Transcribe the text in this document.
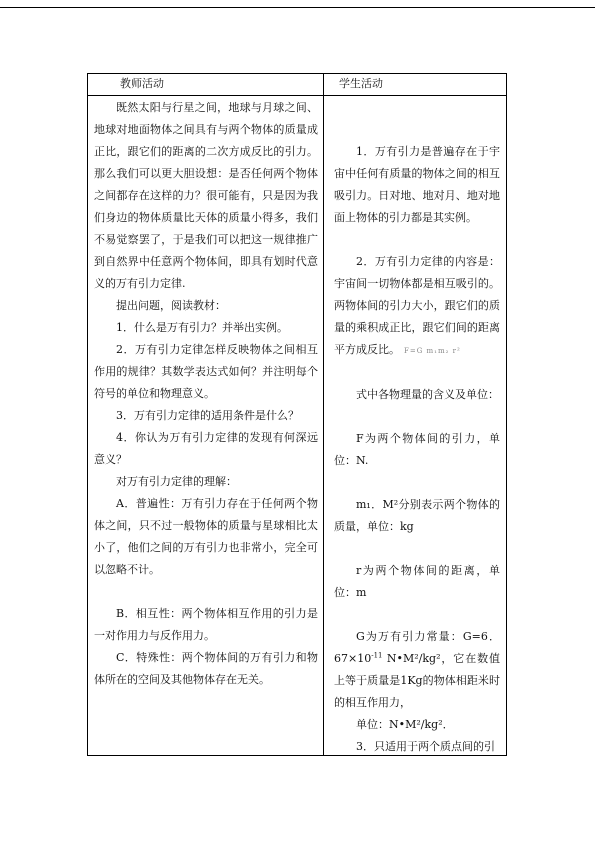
教师活动	学生活动

既然太阳与行星之间，地球与月球之间、地球对地面物体之间具有与两个物体的质量成正比，跟它们的距离的二次方成反比的引力。那么我们可以更大胆设想：是否任何两个物体之间都存在这样的力？很可能有，只是因为我们身边的物体质量比天体的质量小得多，我们不易觉察罢了，于是我们可以把这一规律推广到自然界中任意两个物体间，即具有划时代意义的万有引力定律.

提出问题，阅读教材：

1．什么是万有引力？并举出实例。

2．万有引力定律怎样反映物体之间相互作用的规律？其数学表达式如何？并注明每个符号的单位和物理意义。

3．万有引力定律的适用条件是什么？

4．你认为万有引力定律的发现有何深远意义？

对万有引力定律的理解：

A．普遍性：万有引力存在于任何两个物体之间，只不过一般物体的质量与星球相比太小了，他们之间的万有引力也非常小，完全可以忽略不计。

B．相互性：两个物体相互作用的引力是一对作用力与反作用力。

C．特殊性：两个物体间的万有引力和物体所在的空间及其他物体存在无关。

1．万有引力是普遍存在于宇宙中任何有质量的物体之间的相互吸引力。日对地、地对月、地对地面上物体的引力都是其实例。

2．万有引力定律的内容是：宇宙间一切物体都是相互吸引的。两物体间的引力大小，跟它们的质量的乘积成正比，跟它们间的距离平方成反比。 F=G m₁m₂ r²

式中各物理量的含义及单位：

F为两个物体间的引力，单位：N.

m₁．M²分别表示两个物体的质量，单位：kg

r为两个物体间的距离，单位：m

G为万有引力常量：G=6．$67\times 10^{-11}$ N•M²/kg²，它在数值上等于质量是1Kg的物体相距米时的相互作用力，

单位：N•M²/kg²．

3．只适用于两个质点间的引
